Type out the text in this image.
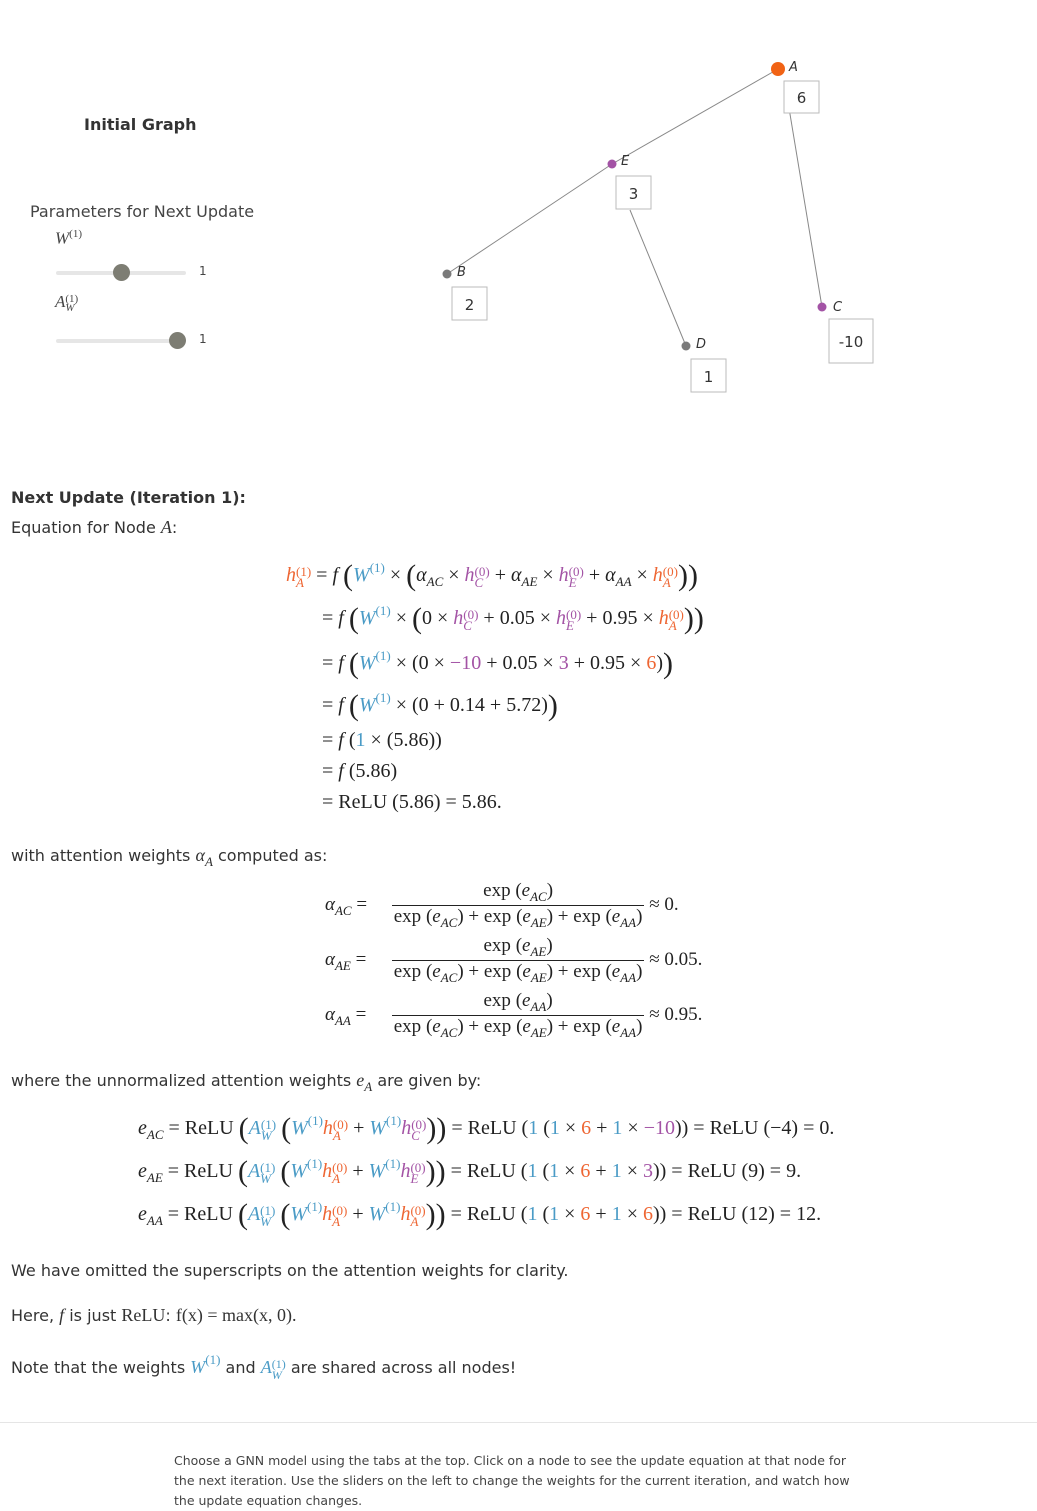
Initial Graph
Parameters for Next Update
$W^{(1)}$
1
A (1)
W
1
A
6
E
3
B
2
D
1
C
-10
Next Update (Iteration 1):
Equation for Node A:
h (1)
A = f ($W^{(1)} \times (\alpha_{AC} \times h$ (0)
$C + \alpha_{AE} \times h$ (0)
$E + \alpha_{AA} \times h$ (0)
A ))
= f ($W^{(1)} \times (0 \times h$ (0)
C + 0.05 × h (0)
E + 0.95 × h (0)
A ))
= f $(W^{(1)} \times (0 \times -10 + 0.05 \times 3 + 0.95 \times 6))$
= f $(W^{(1)} \times (0 + 0.14 + 5.72))$
= f (1 × (5.86))
= f (5.86)
= ReLU (5.86) = 5.86.
with attention weights $\alpha_A$ computed as:
$\alpha_{AC} = \frac{\exp (e_{AC})}{\exp (e_{AC}) + \exp (e_{AE}) + \exp (e_{AA})} \approx 0$.
$\alpha_{AE} = \frac{\exp (e_{AE})}{\exp (e_{AC}) + \exp (e_{AE}) + \exp (e_{AA})} \approx 0.05$.
$\alpha_{AA} = \frac{\exp (e_{AA})}{\exp (e_{AC}) + \exp (e_{AE}) + \exp (e_{AA})} \approx 0.95$.
where the unnormalized attention weights $e_A$ are given by:
$e_{AC}$ = ReLU (A (1)
W ($W^{(1)}h$ (0)
$A + W^{(1)}h$ (0)
C )) = ReLU (1 (1 × 6 + 1 × −10)) = ReLU (−4) = 0.
$e_{AE}$ = ReLU (A (1)
W ($W^{(1)}h$ (0)
$A + W^{(1)}h$ (0)
E )) = ReLU (1 (1 × 6 + 1 × 3)) = ReLU (9) = 9.
$e_{AA}$ = ReLU (A (1)
W ($W^{(1)}h$ (0)
$A + W^{(1)}h$ (0)
A )) = ReLU (1 (1 × 6 + 1 × 6)) = ReLU (12) = 12.
We have omitted the superscripts on the attention weights for clarity.
Here, f is just ReLU: f(x) = max(x, 0).
Note that the weights $W^{(1)}$ and A (1)
W are shared across all nodes!
Choose a GNN model using the tabs at the top. Click on a node to see the update equation at that node for the next iteration. Use the sliders on the left to change the weights for the current iteration, and watch how the update equation changes.
